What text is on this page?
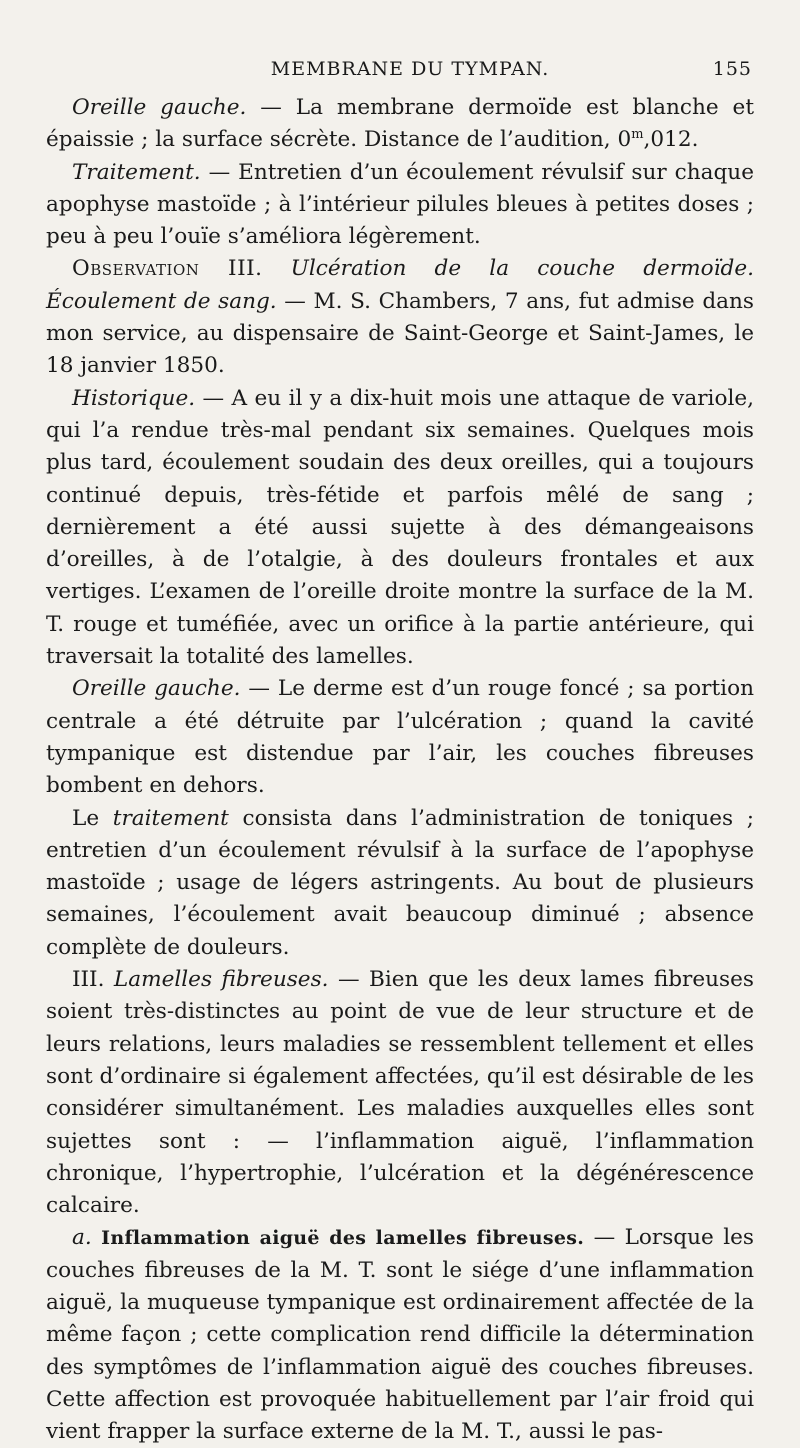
MEMBRANE DU TYMPAN.	155

Oreille gauche. — La membrane dermoïde est blanche et épaissie ; la surface sécrète. Distance de l’audition, 0$^m$,012.

Traitement. — Entretien d’un écoulement révulsif sur chaque apophyse mastoïde ; à l’intérieur pilules bleues à petites doses ; peu à peu l’ouïe s’améliora légèrement.

Observation III. Ulcération de la couche dermoïde. Écoulement de sang. — M. S. Chambers, 7 ans, fut admise dans mon service, au dispensaire de Saint-George et Saint-James, le 18 janvier 1850.

Historique. — A eu il y a dix-huit mois une attaque de variole, qui l’a rendue très-mal pendant six semaines. Quelques mois plus tard, écoulement soudain des deux oreilles, qui a toujours continué depuis, très-fétide et parfois mêlé de sang ; dernièrement a été aussi sujette à des démangeaisons d’oreilles, à de l’otalgie, à des douleurs frontales et aux vertiges. L’examen de l’oreille droite montre la surface de la M. T. rouge et tuméfiée, avec un orifice à la partie antérieure, qui traversait la totalité des lamelles.

Oreille gauche. — Le derme est d’un rouge foncé ; sa portion centrale a été détruite par l’ulcération ; quand la cavité tympanique est distendue par l’air, les couches fibreuses bombent en dehors.

Le traitement consista dans l’administration de toniques ; entretien d’un écoulement révulsif à la surface de l’apophyse mastoïde ; usage de légers astringents. Au bout de plusieurs semaines, l’écoulement avait beaucoup diminué ; absence complète de douleurs.

III. Lamelles fibreuses. — Bien que les deux lames fibreuses soient très-distinctes au point de vue de leur structure et de leurs relations, leurs maladies se ressemblent tellement et elles sont d’ordinaire si également affectées, qu’il est désirable de les considérer simultanément. Les maladies auxquelles elles sont sujettes sont : — l’inflammation aiguë, l’inflammation chronique, l’hypertrophie, l’ulcération et la dégénérescence calcaire.

a. Inflammation aiguë des lamelles fibreuses. — Lorsque les couches fibreuses de la M. T. sont le siége d’une inflammation aiguë, la muqueuse tympanique est ordinairement affectée de la même façon ; cette complication rend difficile la détermination des symptômes de l’inflammation aiguë des couches fibreuses. Cette affection est provoquée habituellement par l’air froid qui vient frapper la surface externe de la M. T., aussi le pas-
